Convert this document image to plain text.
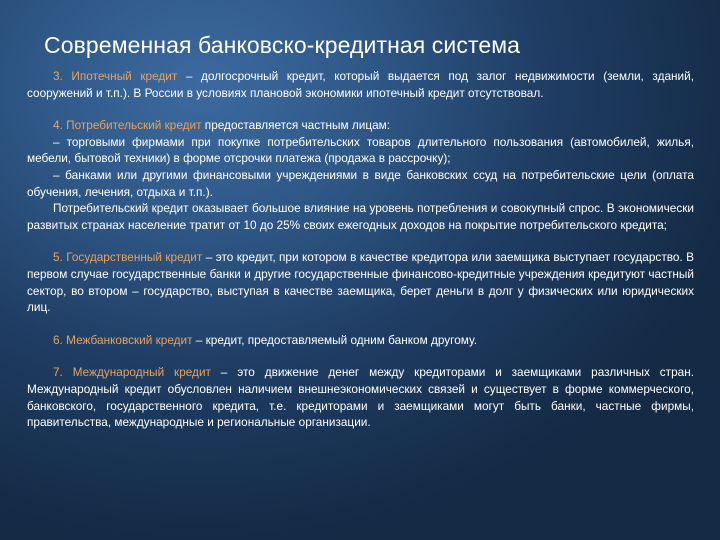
Современная банковско-кредитная система

3. Ипотечный кредит – долгосрочный кредит, который выдается под залог недвижимости (земли, зданий, сооружений и т.п.). В России в условиях плановой экономики ипотечный кредит отсутствовал.

4. Потребительский кредит предоставляется частным лицам:

– торговыми фирмами при покупке потребительских товаров длительного пользования (автомобилей, жилья, мебели, бытовой техники) в форме отсрочки платежа (продажа в рассрочку);

– банками или другими финансовыми учреждениями в виде банковских ссуд на потребительские цели (оплата обучения, лечения, отдыха и т.п.).

Потребительский кредит оказывает большое влияние на уровень потребления и совокупный спрос. В экономически развитых странах население тратит от 10 до 25% своих ежегодных доходов на покрытие потребительского кредита;

5. Государственный кредит – это кредит, при котором в качестве кредитора или заемщика выступает государство. В первом случае государственные банки и другие государственные финансово-кредитные учреждения кредитуют частный сектор, во втором – государство, выступая в качестве заемщика, берет деньги в долг у физических или юридических лиц.

6. Межбанковский кредит – кредит, предоставляемый одним банком другому.

7. Международный кредит – это движение денег между кредиторами и заемщиками различных стран. Международный кредит обусловлен наличием внешнеэкономических связей и существует в форме коммерческого, банковского, государственного кредита, т.е. кредиторами и заемщиками могут быть банки, частные фирмы, правительства, международные и региональные организации.
